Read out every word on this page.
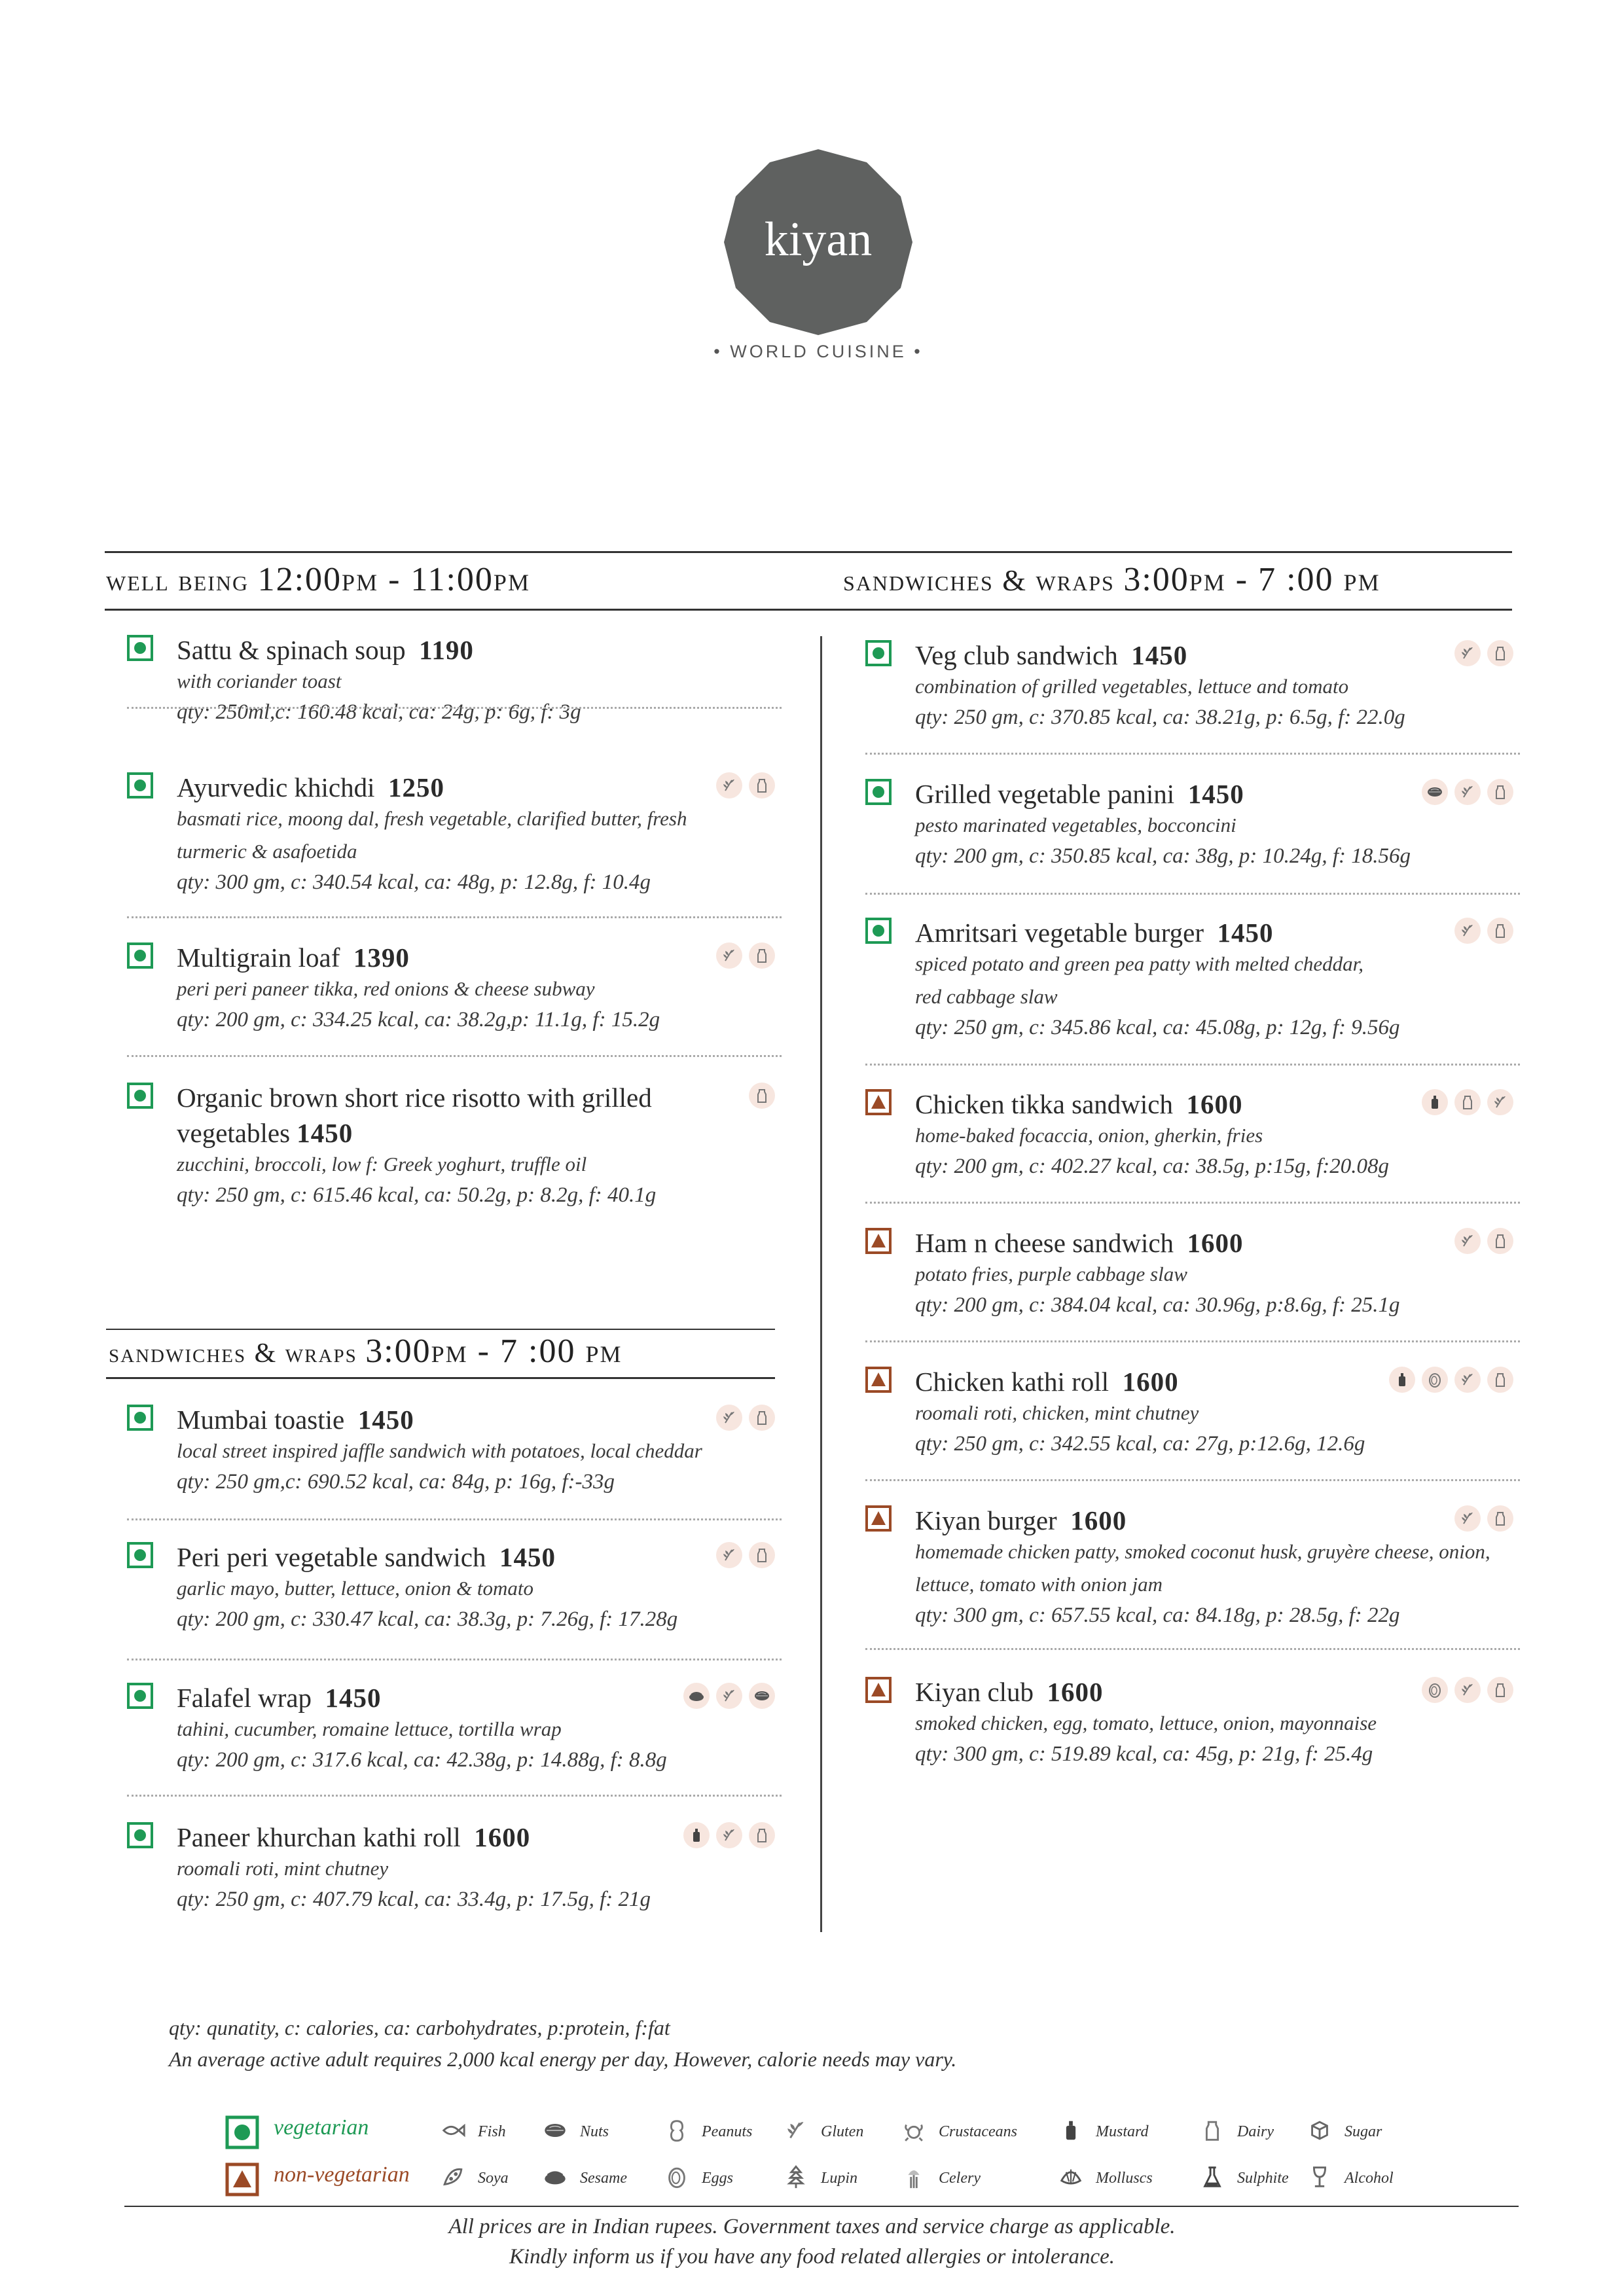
kiyan
• WORLD CUISINE •
well being 12:00pm - 11:00pm	sandwiches & wraps 3:00pm - 7 :00 pm
Sattu & spinach soup 1190
with coriander toast
qty: 250ml,c: 160.48 kcal, ca: 24g, p: 6g, f: 3g
Ayurvedic khichdi 1250
basmati rice, moong dal, fresh vegetable, clarified butter, fresh
turmeric & asafoetida
qty: 300 gm, c: 340.54 kcal, ca: 48g, p: 12.8g, f: 10.4g
Multigrain loaf 1390
peri peri paneer tikka, red onions & cheese subway
qty: 200 gm, c: 334.25 kcal, ca: 38.2g,p: 11.1g, f: 15.2g
Organic brown short rice risotto with grilled
vegetables 1450
zucchini, broccoli, low f: Greek yoghurt, truffle oil
qty: 250 gm, c: 615.46 kcal, ca: 50.2g, p: 8.2g, f: 40.1g
sandwiches & wraps 3:00pm - 7 :00 pm
Mumbai toastie 1450
local street inspired jaffle sandwich with potatoes, local cheddar
qty: 250 gm,c: 690.52 kcal, ca: 84g, p: 16g, f:-33g
Peri peri vegetable sandwich 1450
garlic mayo, butter, lettuce, onion & tomato
qty: 200 gm, c: 330.47 kcal, ca: 38.3g, p: 7.26g, f: 17.28g
Falafel wrap 1450
tahini, cucumber, romaine lettuce, tortilla wrap
qty: 200 gm, c: 317.6 kcal, ca: 42.38g, p: 14.88g, f: 8.8g
Paneer khurchan kathi roll 1600
roomali roti, mint chutney
qty: 250 gm, c: 407.79 kcal, ca: 33.4g, p: 17.5g, f: 21g
Veg club sandwich 1450
combination of grilled vegetables, lettuce and tomato
qty: 250 gm, c: 370.85 kcal, ca: 38.21g, p: 6.5g, f: 22.0g
Grilled vegetable panini 1450
pesto marinated vegetables, bocconcini
qty: 200 gm, c: 350.85 kcal, ca: 38g, p: 10.24g, f: 18.56g
Amritsari vegetable burger 1450
spiced potato and green pea patty with melted cheddar,
red cabbage slaw
qty: 250 gm, c: 345.86 kcal, ca: 45.08g, p: 12g, f: 9.56g
Chicken tikka sandwich 1600
home-baked focaccia, onion, gherkin, fries
qty: 200 gm, c: 402.27 kcal, ca: 38.5g, p:15g, f:20.08g
Ham n cheese sandwich 1600
potato fries, purple cabbage slaw
qty: 200 gm, c: 384.04 kcal, ca: 30.96g, p:8.6g, f: 25.1g
Chicken kathi roll 1600
roomali roti, chicken, mint chutney
qty: 250 gm, c: 342.55 kcal, ca: 27g, p:12.6g, 12.6g
Kiyan burger 1600
homemade chicken patty, smoked coconut husk, gruyère cheese, onion,
lettuce, tomato with onion jam
qty: 300 gm, c: 657.55 kcal, ca: 84.18g, p: 28.5g, f: 22g
Kiyan club 1600
smoked chicken, egg, tomato, lettuce, onion, mayonnaise
qty: 300 gm, c: 519.89 kcal, ca: 45g, p: 21g, f: 25.4g
qty: qunatity, c: calories, ca: carbohydrates, p:protein, f:fat
An average active adult requires 2,000 kcal energy per day, However, calorie needs may vary.
vegetarian
non-vegetarian
Fish	Nuts	Peanuts	Gluten	Crustaceans	Mustard	Dairy	Sugar
Soya	Sesame	Eggs	Lupin	Celery	Molluscs	Sulphite	Alcohol
All prices are in Indian rupees. Government taxes and service charge as applicable.
Kindly inform us if you have any food related allergies or intolerance.
